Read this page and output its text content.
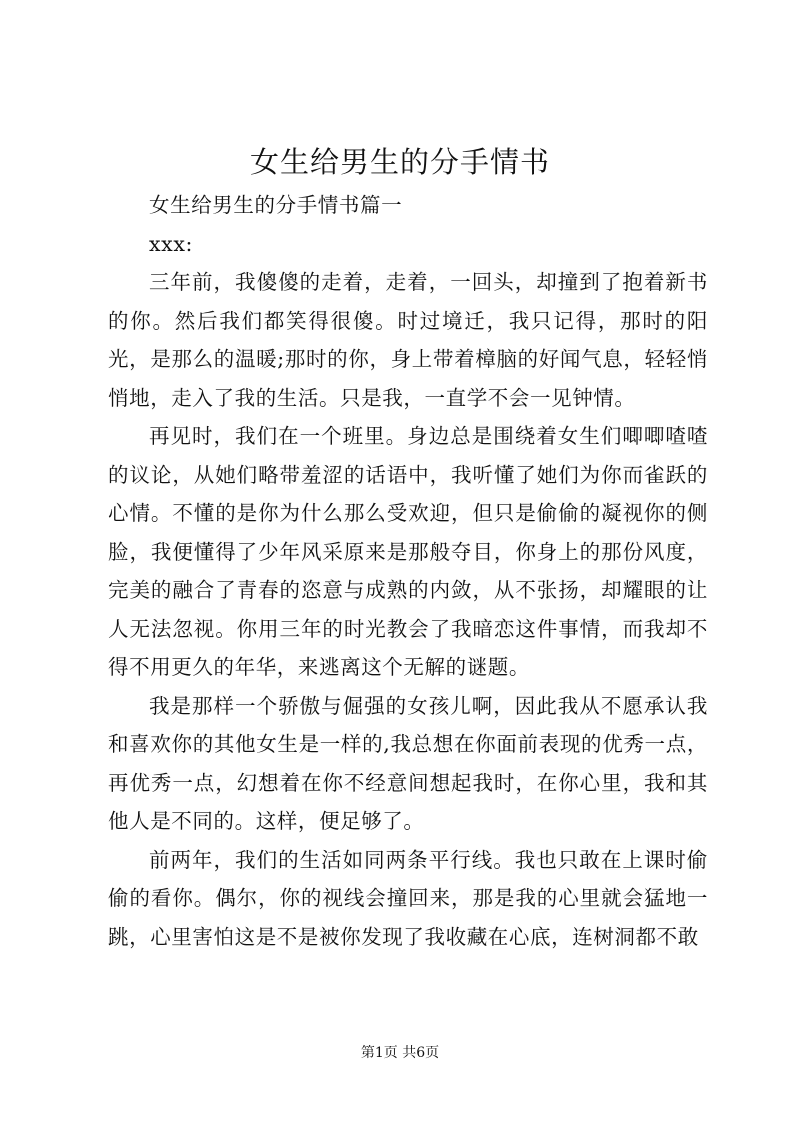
女生给男生的分手情书

女生给男生的分手情书篇一

xxx:

三年前，我傻傻的走着，走着，一回头，却撞到了抱着新书的你。然后我们都笑得很傻。时过境迁，我只记得，那时的阳光，是那么的温暖;那时的你，身上带着樟脑的好闻气息，轻轻悄悄地，走入了我的生活。只是我，一直学不会一见钟情。

再见时，我们在一个班里。身边总是围绕着女生们唧唧喳喳的议论，从她们略带羞涩的话语中，我听懂了她们为你而雀跃的心情。不懂的是你为什么那么受欢迎，但只是偷偷的凝视你的侧脸，我便懂得了少年风采原来是那般夺目，你身上的那份风度，完美的融合了青春的恣意与成熟的内敛，从不张扬，却耀眼的让人无法忽视。你用三年的时光教会了我暗恋这件事情，而我却不得不用更久的年华，来逃离这个无解的谜题。

我是那样一个骄傲与倔强的女孩儿啊，因此我从不愿承认我和喜欢你的其他女生是一样的,我总想在你面前表现的优秀一点，再优秀一点，幻想着在你不经意间想起我时，在你心里，我和其他人是不同的。这样，便足够了。

前两年，我们的生活如同两条平行线。我也只敢在上课时偷偷的看你。偶尔，你的视线会撞回来，那是我的心里就会猛地一跳，心里害怕这是不是被你发现了我收藏在心底，连树洞都不敢

第1页 共6页
